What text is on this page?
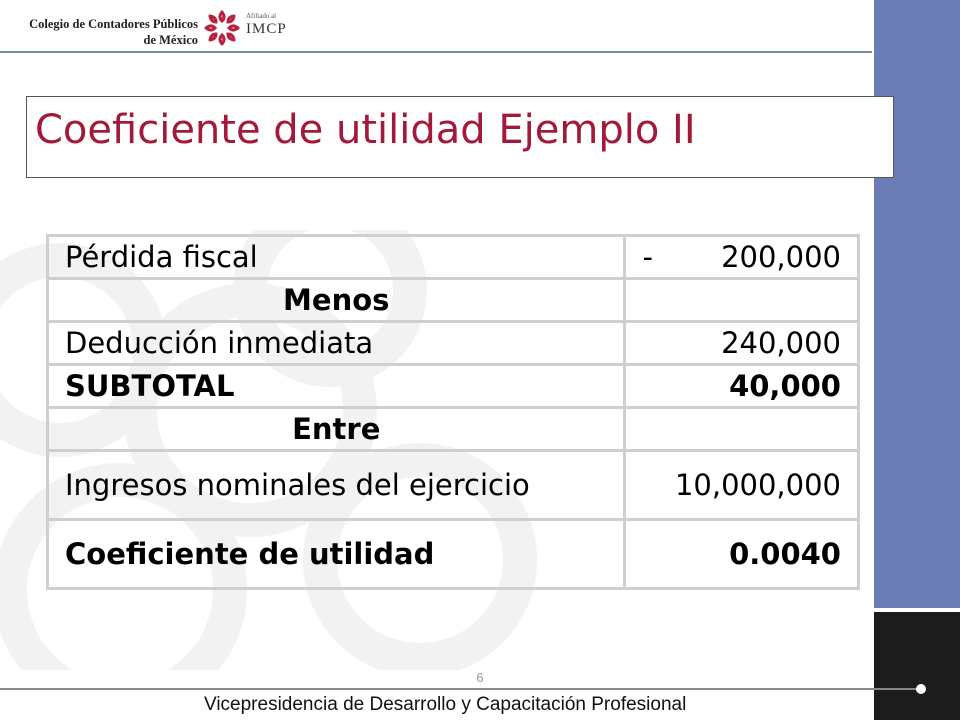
Colegio de Contadores Públicos
de México
Afiliado al
IMCP
Coeficiente de utilidad Ejemplo II
Pérdida fiscal	- 200,000

Menos	
Deducción inmediata	240,000
SUBTOTAL	40,000
Entre	
Ingresos nominales del ejercicio	10,000,000
Coeficiente de utilidad	0.0040
6
Vicepresidencia de Desarrollo y Capacitación Profesional
